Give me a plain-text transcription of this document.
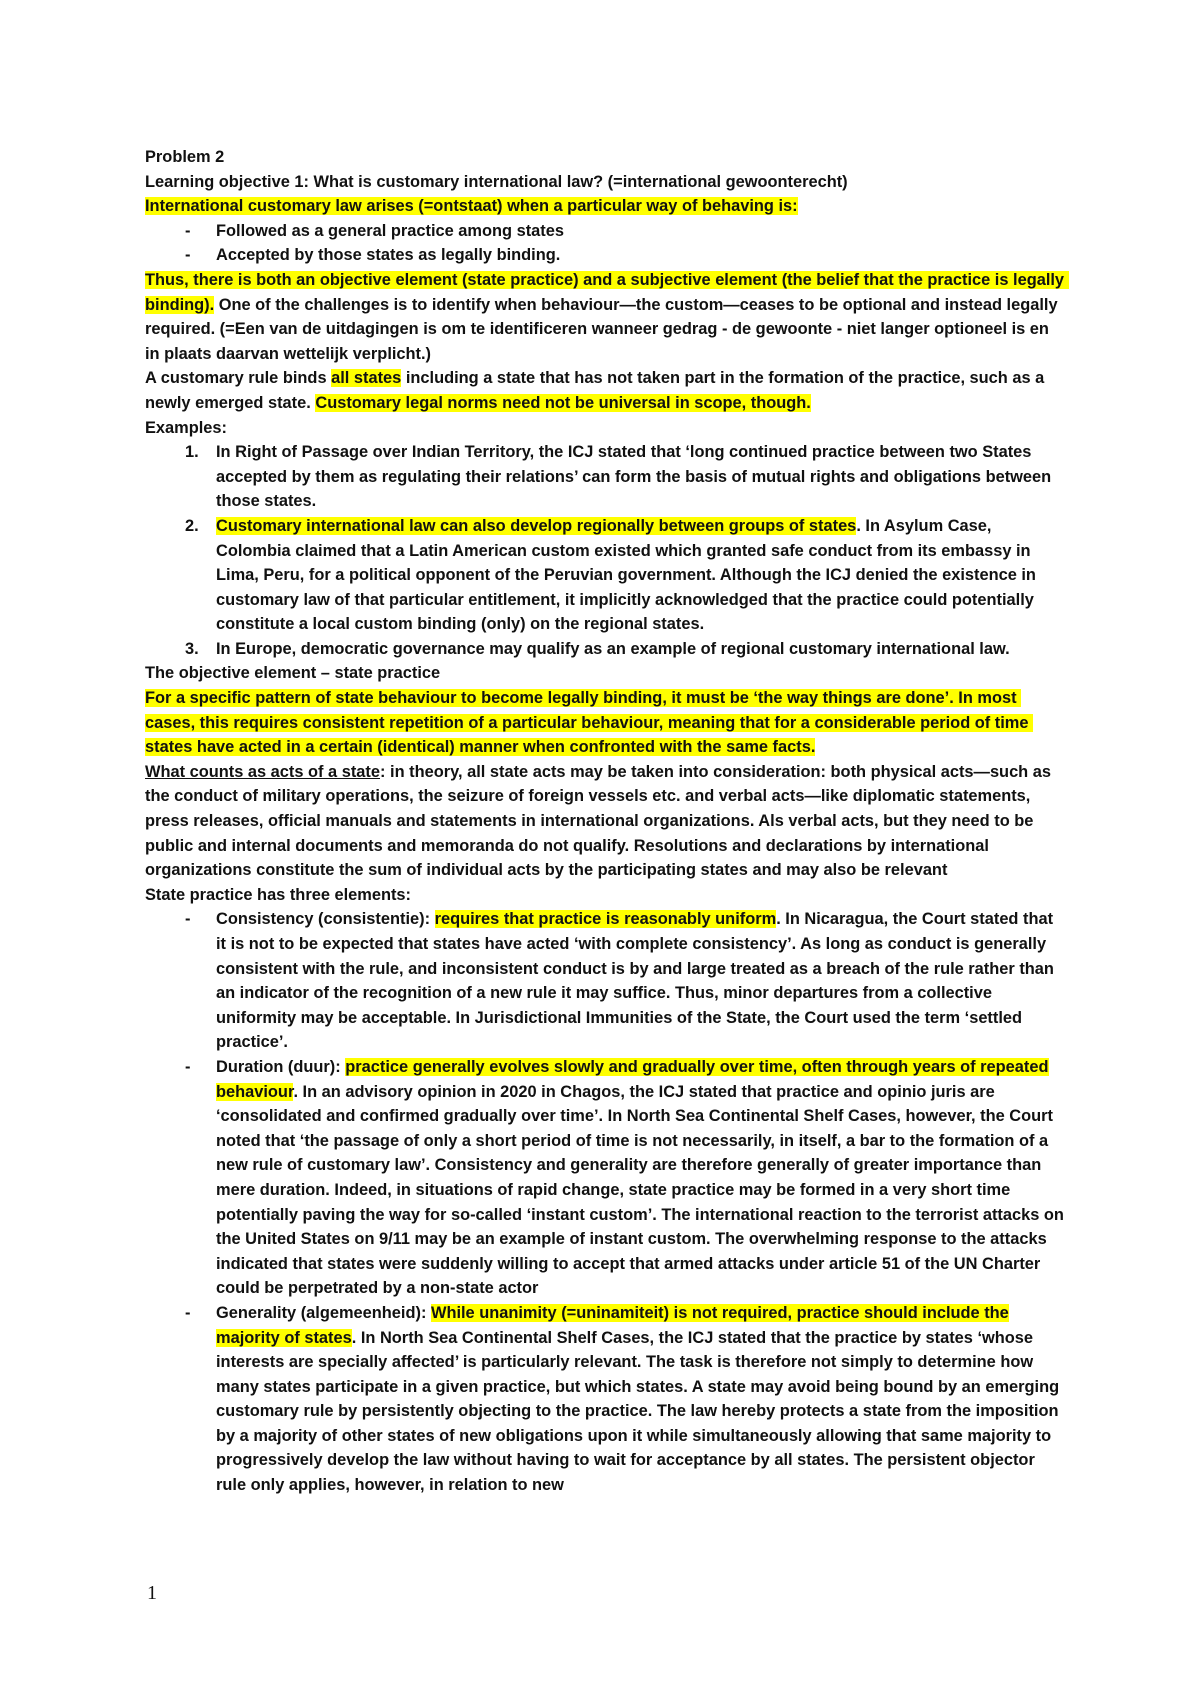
Problem 2
Learning objective 1: What is customary international law? (=international gewoonterecht)
International customary law arises (=ontstaat) when a particular way of behaving is:
-	Followed as a general practice among states
-	Accepted by those states as legally binding.
Thus, there is both an objective element (state practice) and a subjective element (the belief that the practice is legally binding). One of the challenges is to identify when behaviour—the custom—ceases to be optional and instead legally required. (=Een van de uitdagingen is om te identificeren wanneer gedrag - de gewoonte - niet langer optioneel is en in plaats daarvan wettelijk verplicht.)
A customary rule binds all states including a state that has not taken part in the formation of the practice, such as a newly emerged state. Customary legal norms need not be universal in scope, though.
Examples:
1.	In Right of Passage over Indian Territory, the ICJ stated that ‘long continued practice between two States accepted by them as regulating their relations’ can form the basis of mutual rights and obligations between those states.
2.	Customary international law can also develop regionally between groups of states. In Asylum Case, Colombia claimed that a Latin American custom existed which granted safe conduct from its embassy in Lima, Peru, for a political opponent of the Peruvian government. Although the ICJ denied the existence in customary law of that particular entitlement, it implicitly acknowledged that the practice could potentially constitute a local custom binding (only) on the regional states.
3.	In Europe, democratic governance may qualify as an example of regional customary international law.
The objective element – state practice
For a specific pattern of state behaviour to become legally binding, it must be ‘the way things are done’. In most cases, this requires consistent repetition of a particular behaviour, meaning that for a considerable period of time states have acted in a certain (identical) manner when confronted with the same facts.
What counts as acts of a state: in theory, all state acts may be taken into consideration: both physical acts—such as the conduct of military operations, the seizure of foreign vessels etc. and verbal acts—like diplomatic statements, press releases, official manuals and statements in international organizations. Als verbal acts, but they need to be public and internal documents and memoranda do not qualify. Resolutions and declarations by international organizations constitute the sum of individual acts by the participating states and may also be relevant
State practice has three elements:
-	Consistency (consistentie): requires that practice is reasonably uniform. In Nicaragua, the Court stated that it is not to be expected that states have acted ‘with complete consistency’. As long as conduct is generally consistent with the rule, and inconsistent conduct is by and large treated as a breach of the rule rather than an indicator of the recognition of a new rule it may suffice. Thus, minor departures from a collective uniformity may be acceptable. In Jurisdictional Immunities of the State, the Court used the term ‘settled practice’.
-	Duration (duur): practice generally evolves slowly and gradually over time, often through years of repeated behaviour. In an advisory opinion in 2020 in Chagos, the ICJ stated that practice and opinio juris are ‘consolidated and confirmed gradually over time’. In North Sea Continental Shelf Cases, however, the Court noted that ‘the passage of only a short period of time is not necessarily, in itself, a bar to the formation of a new rule of customary law’. Consistency and generality are therefore generally of greater importance than mere duration. Indeed, in situations of rapid change, state practice may be formed in a very short time potentially paving the way for so-called ‘instant custom’. The international reaction to the terrorist attacks on the United States on 9/11 may be an example of instant custom. The overwhelming response to the attacks indicated that states were suddenly willing to accept that armed attacks under article 51 of the UN Charter could be perpetrated by a non-state actor
-	Generality (algemeenheid): While unanimity (=uninamiteit) is not required, practice should include the majority of states. In North Sea Continental Shelf Cases, the ICJ stated that the practice by states ‘whose interests are specially affected’ is particularly relevant. The task is therefore not simply to determine how many states participate in a given practice, but which states. A state may avoid being bound by an emerging customary rule by persistently objecting to the practice. The law hereby protects a state from the imposition by a majority of other states of new obligations upon it while simultaneously allowing that same majority to progressively develop the law without having to wait for acceptance by all states. The persistent objector rule only applies, however, in relation to new
1
